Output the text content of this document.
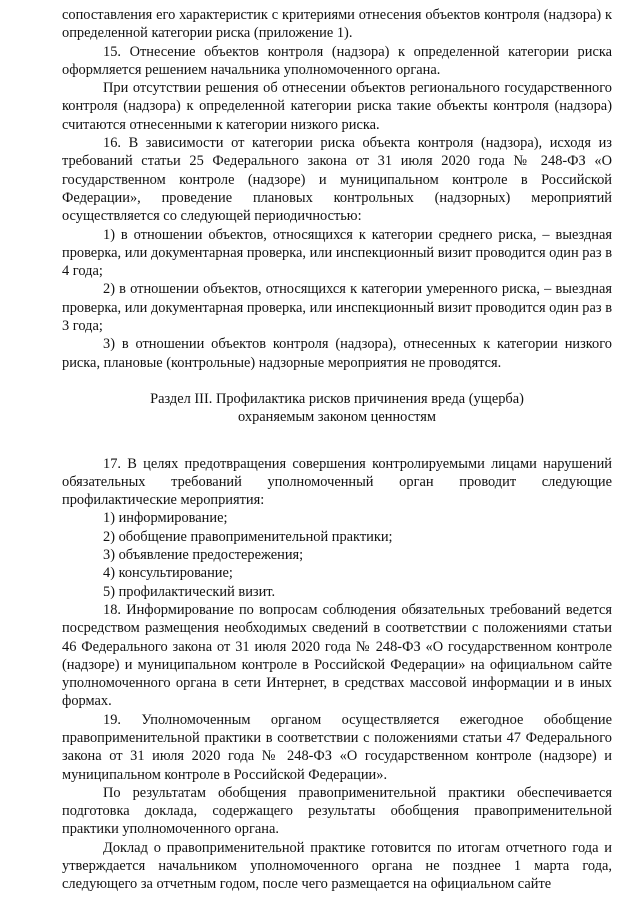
сопоставления его характеристик с критериями отнесения объектов контроля (надзора) к определенной категории риска (приложение 1).

15. Отнесение объектов контроля (надзора) к определенной категории риска оформляется решением начальника уполномоченного органа.

При отсутствии решения об отнесении объектов регионального государственного контроля (надзора) к определенной категории риска такие объекты контроля (надзора) считаются отнесенными к категории низкого риска.

16. В зависимости от категории риска объекта контроля (надзора), исходя из требований статьи 25 Федерального закона от 31 июля 2020 года № 248-ФЗ «О государственном контроле (надзоре) и муниципальном контроле в Российской Федерации», проведение плановых контрольных (надзорных) мероприятий осуществляется со следующей периодичностью:

1) в отношении объектов, относящихся к категории среднего риска, – выездная проверка, или документарная проверка, или инспекционный визит проводится один раз в 4 года;

2) в отношении объектов, относящихся к категории умеренного риска, – выездная проверка, или документарная проверка, или инспекционный визит проводится один раз в 3 года;

3) в отношении объектов контроля (надзора), отнесенных к категории низкого риска, плановые (контрольные) надзорные мероприятия не проводятся.

Раздел III. Профилактика рисков причинения вреда (ущерба)

охраняемым законом ценностям

17. В целях предотвращения совершения контролируемыми лицами нарушений обязательных требований уполномоченный орган проводит следующие профилактические мероприятия:

1) информирование;

2) обобщение правоприменительной практики;

3) объявление предостережения;

4) консультирование;

5) профилактический визит.

18. Информирование по вопросам соблюдения обязательных требований ведется посредством размещения необходимых сведений в соответствии с положениями статьи 46 Федерального закона от 31 июля 2020 года № 248-ФЗ «О государственном контроле (надзоре) и муниципальном контроле в Российской Федерации» на официальном сайте уполномоченного органа в сети Интернет, в средствах массовой информации и в иных формах.

19. Уполномоченным органом осуществляется ежегодное обобщение правоприменительной практики в соответствии с положениями статьи 47 Федерального закона от 31 июля 2020 года № 248-ФЗ «О государственном контроле (надзоре) и муниципальном контроле в Российской Федерации».

По результатам обобщения правоприменительной практики обеспечивается подготовка доклада, содержащего результаты обобщения правоприменительной практики уполномоченного органа.

Доклад о правоприменительной практике готовится по итогам отчетного года и утверждается начальником уполномоченного органа не позднее 1 марта года, следующего за отчетным годом, после чего размещается на официальном сайте
